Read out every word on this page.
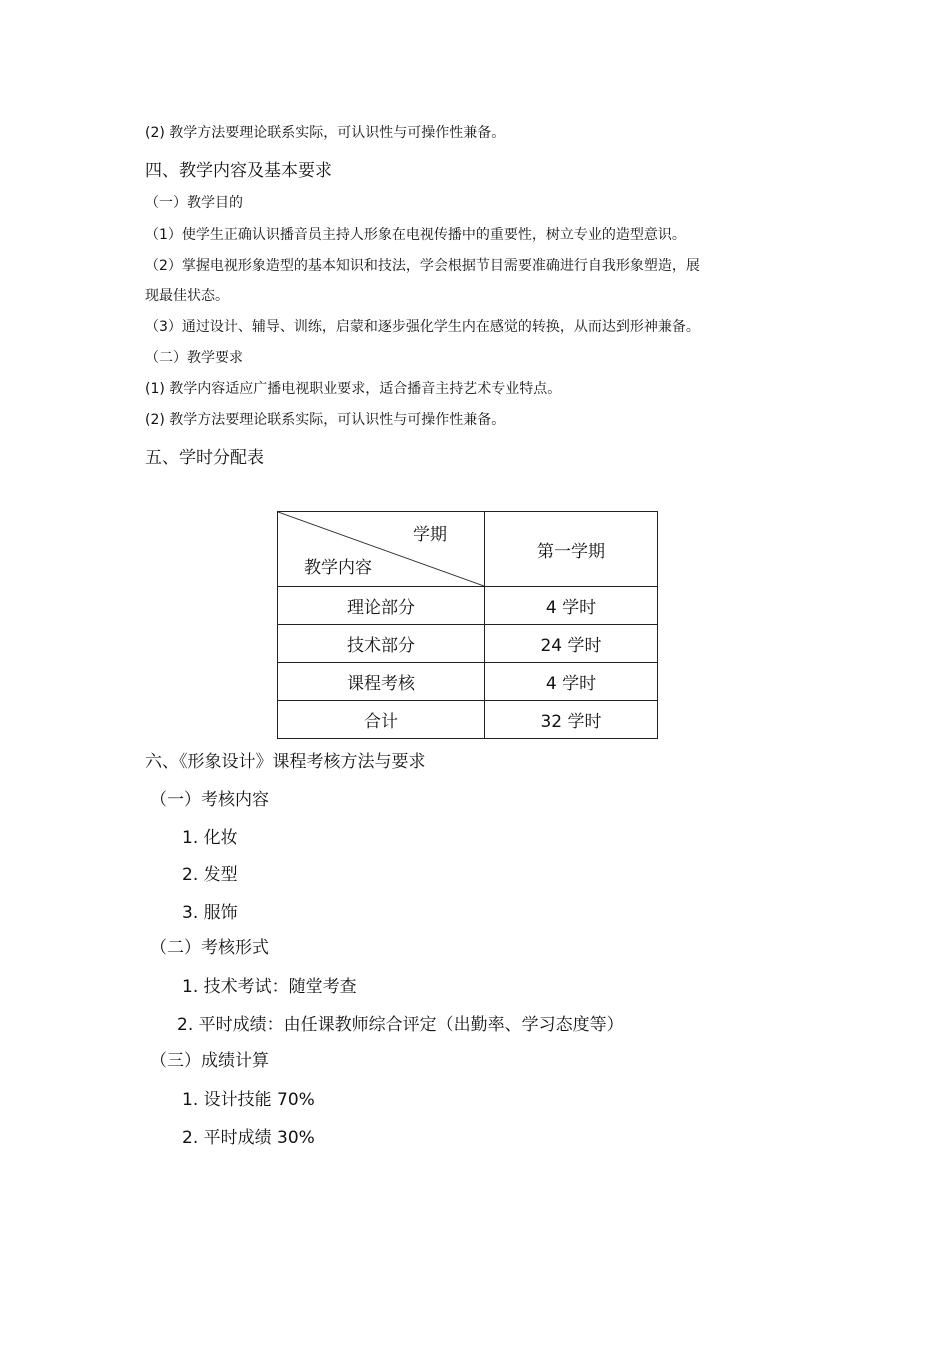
(2) 教学方法要理论联系实际，可认识性与可操作性兼备。
四、教学内容及基本要求
（一）教学目的
（1）使学生正确认识播音员主持人形象在电视传播中的重要性，树立专业的造型意识。
（2）掌握电视形象造型的基本知识和技法，学会根据节目需要准确进行自我形象塑造，展
现最佳状态。
（3）通过设计、辅导、训练，启蒙和逐步强化学生内在感觉的转换，从而达到形神兼备。
（二）教学要求
(1) 教学内容适应广播电视职业要求，适合播音主持艺术专业特点。
(2) 教学方法要理论联系实际，可认识性与可操作性兼备。
五、学时分配表
学期
教学内容	第一学期
理论部分	4 学时
技术部分	24 学时
课程考核	4 学时
合计	32 学时
六、《形象设计》课程考核方法与要求
（一）考核内容
1. 化妆
2. 发型
3. 服饰
（二）考核形式
1. 技术考试：随堂考查
2. 平时成绩：由任课教师综合评定（出勤率、学习态度等）
（三）成绩计算
1. 设计技能 70%
2. 平时成绩 30%
